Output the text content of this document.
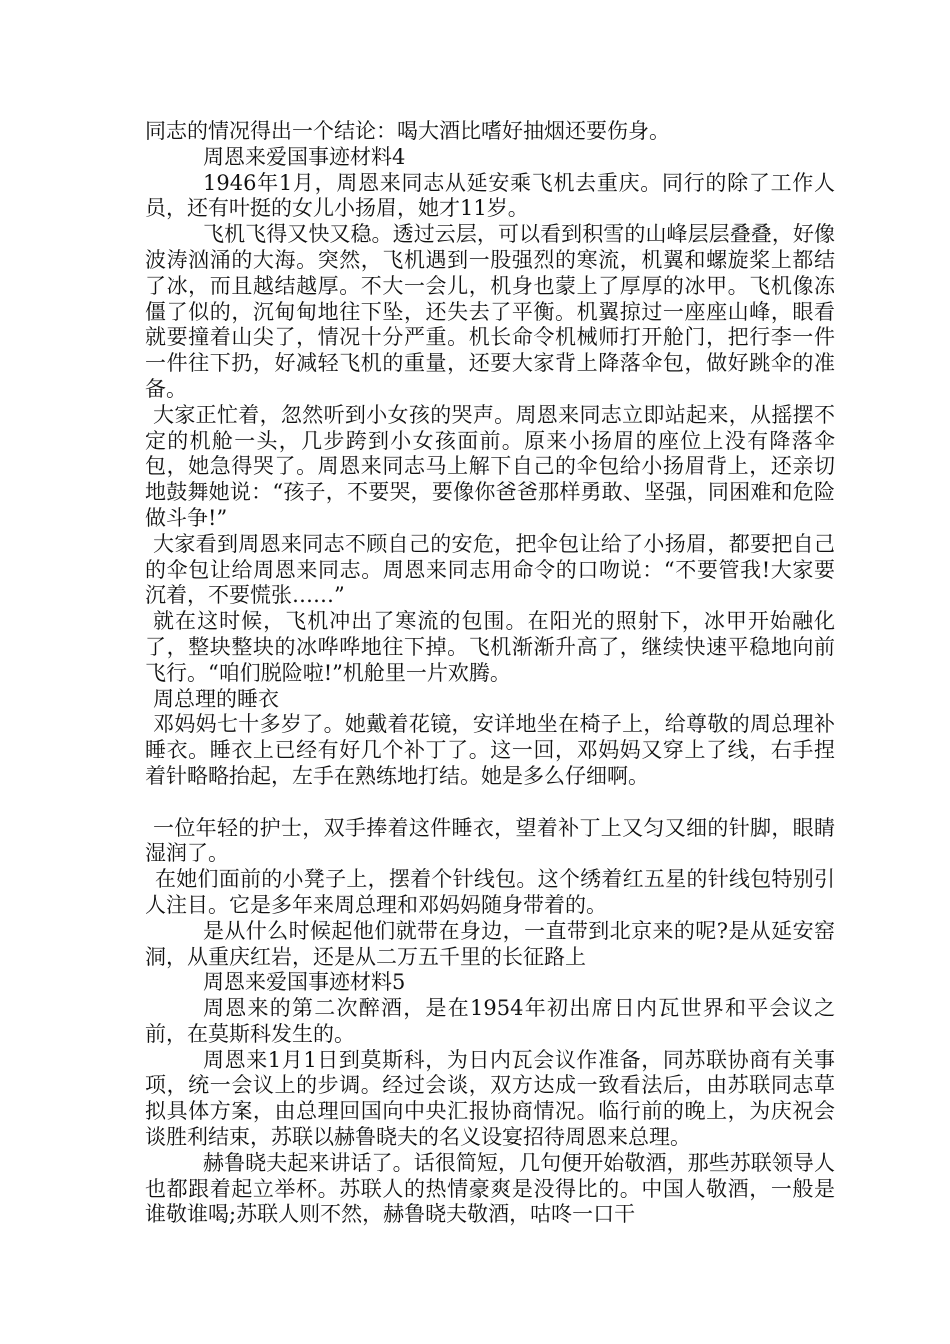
同志的情况得出一个结论：喝大酒比嗜好抽烟还要伤身。

周恩来爱国事迹材料4

1946年1月，周恩来同志从延安乘飞机去重庆。同行的除了工作人员，还有叶挺的女儿小扬眉，她才11岁。

飞机飞得又快又稳。透过云层，可以看到积雪的山峰层层叠叠，好像波涛汹涌的大海。突然，飞机遇到一股强烈的寒流，机翼和螺旋桨上都结了冰，而且越结越厚。不大一会儿，机身也蒙上了厚厚的冰甲。飞机像冻僵了似的，沉甸甸地往下坠，还失去了平衡。机翼掠过一座座山峰，眼看就要撞着山尖了，情况十分严重。机长命令机械师打开舱门，把行李一件一件往下扔，好减轻飞机的重量，还要大家背上降落伞包，做好跳伞的准备。

大家正忙着，忽然听到小女孩的哭声。周恩来同志立即站起来，从摇摆不定的机舱一头，几步跨到小女孩面前。原来小扬眉的座位上没有降落伞包，她急得哭了。周恩来同志马上解下自己的伞包给小扬眉背上，还亲切地鼓舞她说：“孩子，不要哭，要像你爸爸那样勇敢、坚强，同困难和危险做斗争!”

大家看到周恩来同志不顾自己的安危，把伞包让给了小扬眉，都要把自己的伞包让给周恩来同志。周恩来同志用命令的口吻说：“不要管我!大家要沉着，不要慌张……”

就在这时候，飞机冲出了寒流的包围。在阳光的照射下，冰甲开始融化了，整块整块的冰哗哗地往下掉。飞机渐渐升高了，继续快速平稳地向前飞行。“咱们脱险啦!”机舱里一片欢腾。

周总理的睡衣

邓妈妈七十多岁了。她戴着花镜，安详地坐在椅子上，给尊敬的周总理补睡衣。睡衣上已经有好几个补丁了。这一回，邓妈妈又穿上了线，右手捏着针略略抬起，左手在熟练地打结。她是多么仔细啊。

一位年轻的护士，双手捧着这件睡衣，望着补丁上又匀又细的针脚，眼睛湿润了。

在她们面前的小凳子上，摆着个针线包。这个绣着红五星的针线包特别引人注目。它是多年来周总理和邓妈妈随身带着的。

是从什么时候起他们就带在身边，一直带到北京来的呢?是从延安窑洞，从重庆红岩，还是从二万五千里的长征路上

周恩来爱国事迹材料5

周恩来的第二次醉酒，是在1954年初出席日内瓦世界和平会议之前，在莫斯科发生的。

周恩来1月1日到莫斯科，为日内瓦会议作准备，同苏联协商有关事项，统一会议上的步调。经过会谈，双方达成一致看法后，由苏联同志草拟具体方案，由总理回国向中央汇报协商情况。临行前的晚上，为庆祝会谈胜利结束，苏联以赫鲁晓夫的名义设宴招待周恩来总理。

赫鲁晓夫起来讲话了。话很简短，几句便开始敬酒，那些苏联领导人也都跟着起立举杯。苏联人的热情豪爽是没得比的。中国人敬酒，一般是谁敬谁喝;苏联人则不然，赫鲁晓夫敬酒，咕咚一口干
